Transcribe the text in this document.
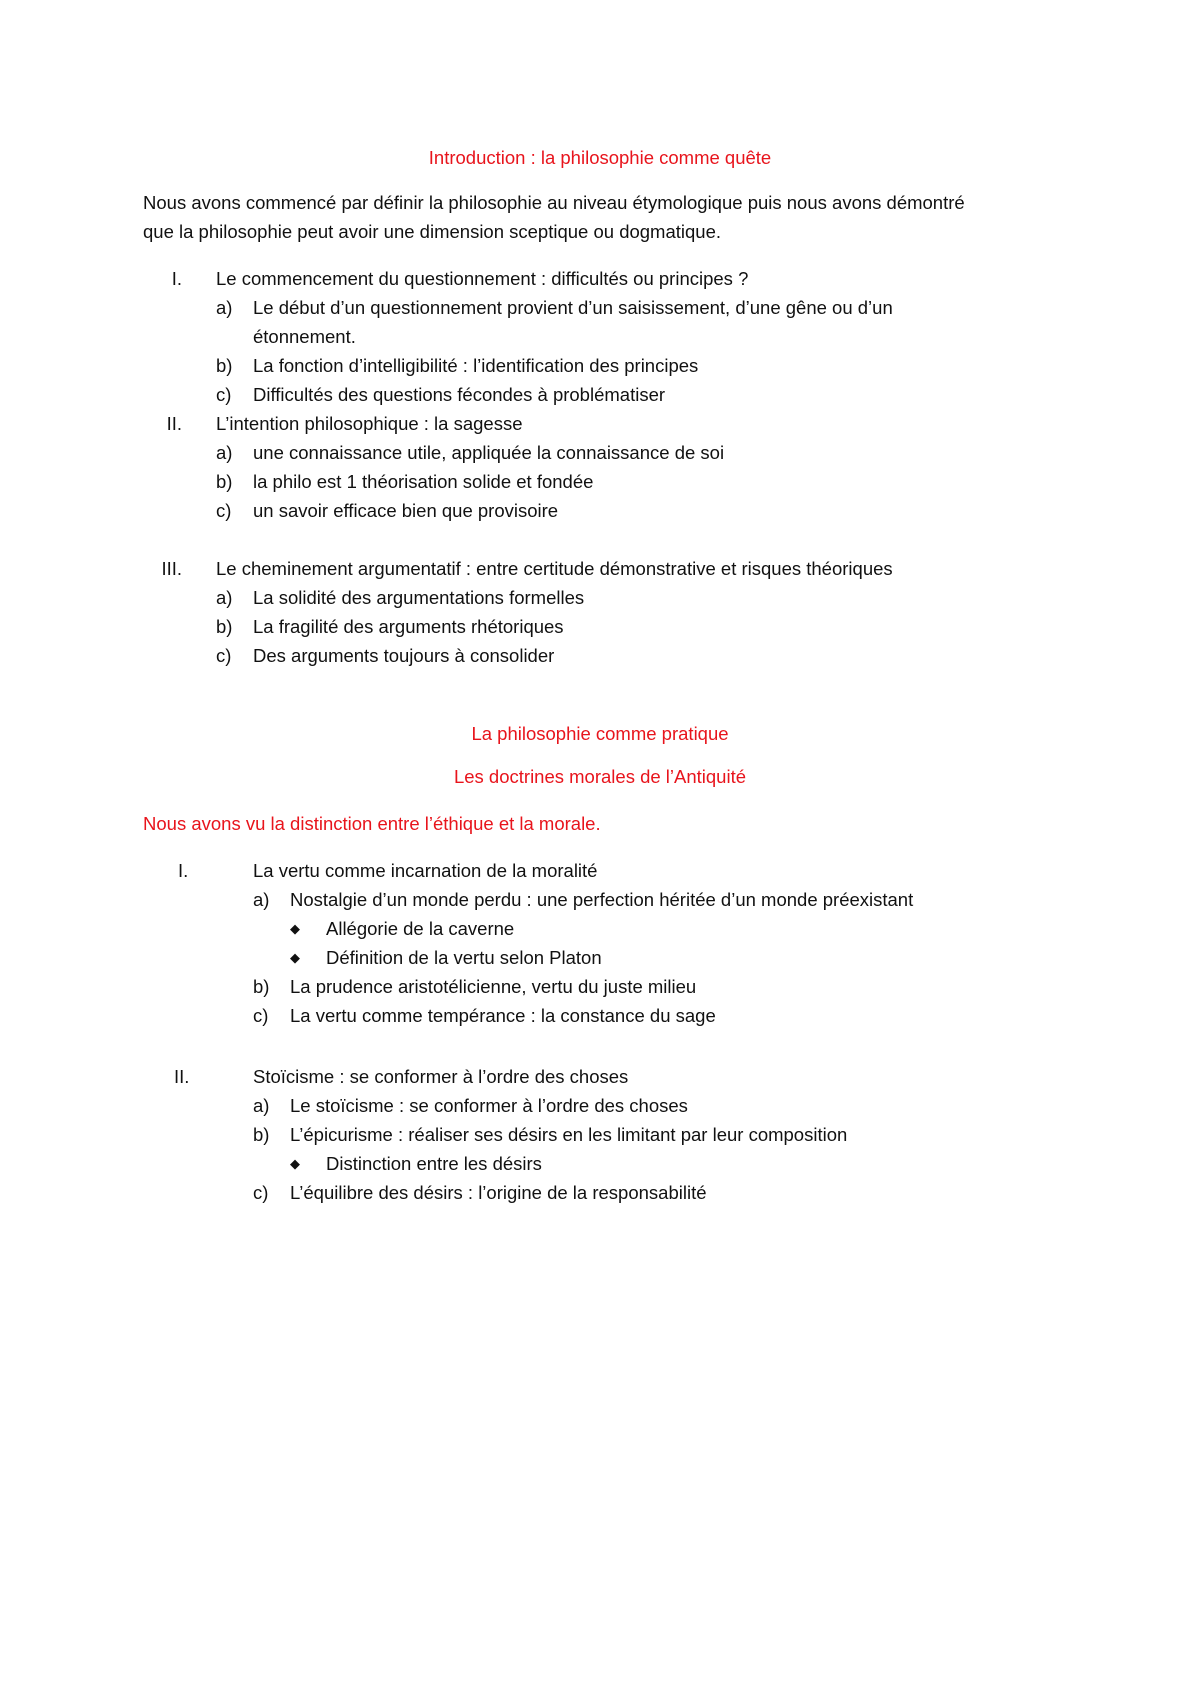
Introduction : la philosophie comme quête
Nous avons commencé par définir la philosophie au niveau étymologique puis nous avons démontré
que la philosophie peut avoir une dimension sceptique ou dogmatique.
I. Le commencement du questionnement : difficultés ou principes ?
a) Le début d’un questionnement provient d’un saisissement, d’une gêne ou d’un
étonnement.
b) La fonction d’intelligibilité : l’identification des principes
c) Difficultés des questions fécondes à problématiser
II. L’intention philosophique : la sagesse
a) une connaissance utile, appliquée la connaissance de soi
b) la philo est 1 théorisation solide et fondée
c) un savoir efficace bien que provisoire
III. Le cheminement argumentatif : entre certitude démonstrative et risques théoriques
a) La solidité des argumentations formelles
b) La fragilité des arguments rhétoriques
c) Des arguments toujours à consolider
La philosophie comme pratique
Les doctrines morales de l’Antiquité
Nous avons vu la distinction entre l’éthique et la morale.
I.	La vertu comme incarnation de la moralité
a) Nostalgie d’un monde perdu : une perfection héritée d’un monde préexistant
◆ Allégorie de la caverne
◆ Définition de la vertu selon Platon
b) La prudence aristotélicienne, vertu du juste milieu
c) La vertu comme tempérance : la constance du sage
II.	Stoïcisme : se conformer à l’ordre des choses
a) Le stoïcisme : se conformer à l’ordre des choses
b) L’épicurisme : réaliser ses désirs en les limitant par leur composition
◆ Distinction entre les désirs
c) L’équilibre des désirs : l’origine de la responsabilité
